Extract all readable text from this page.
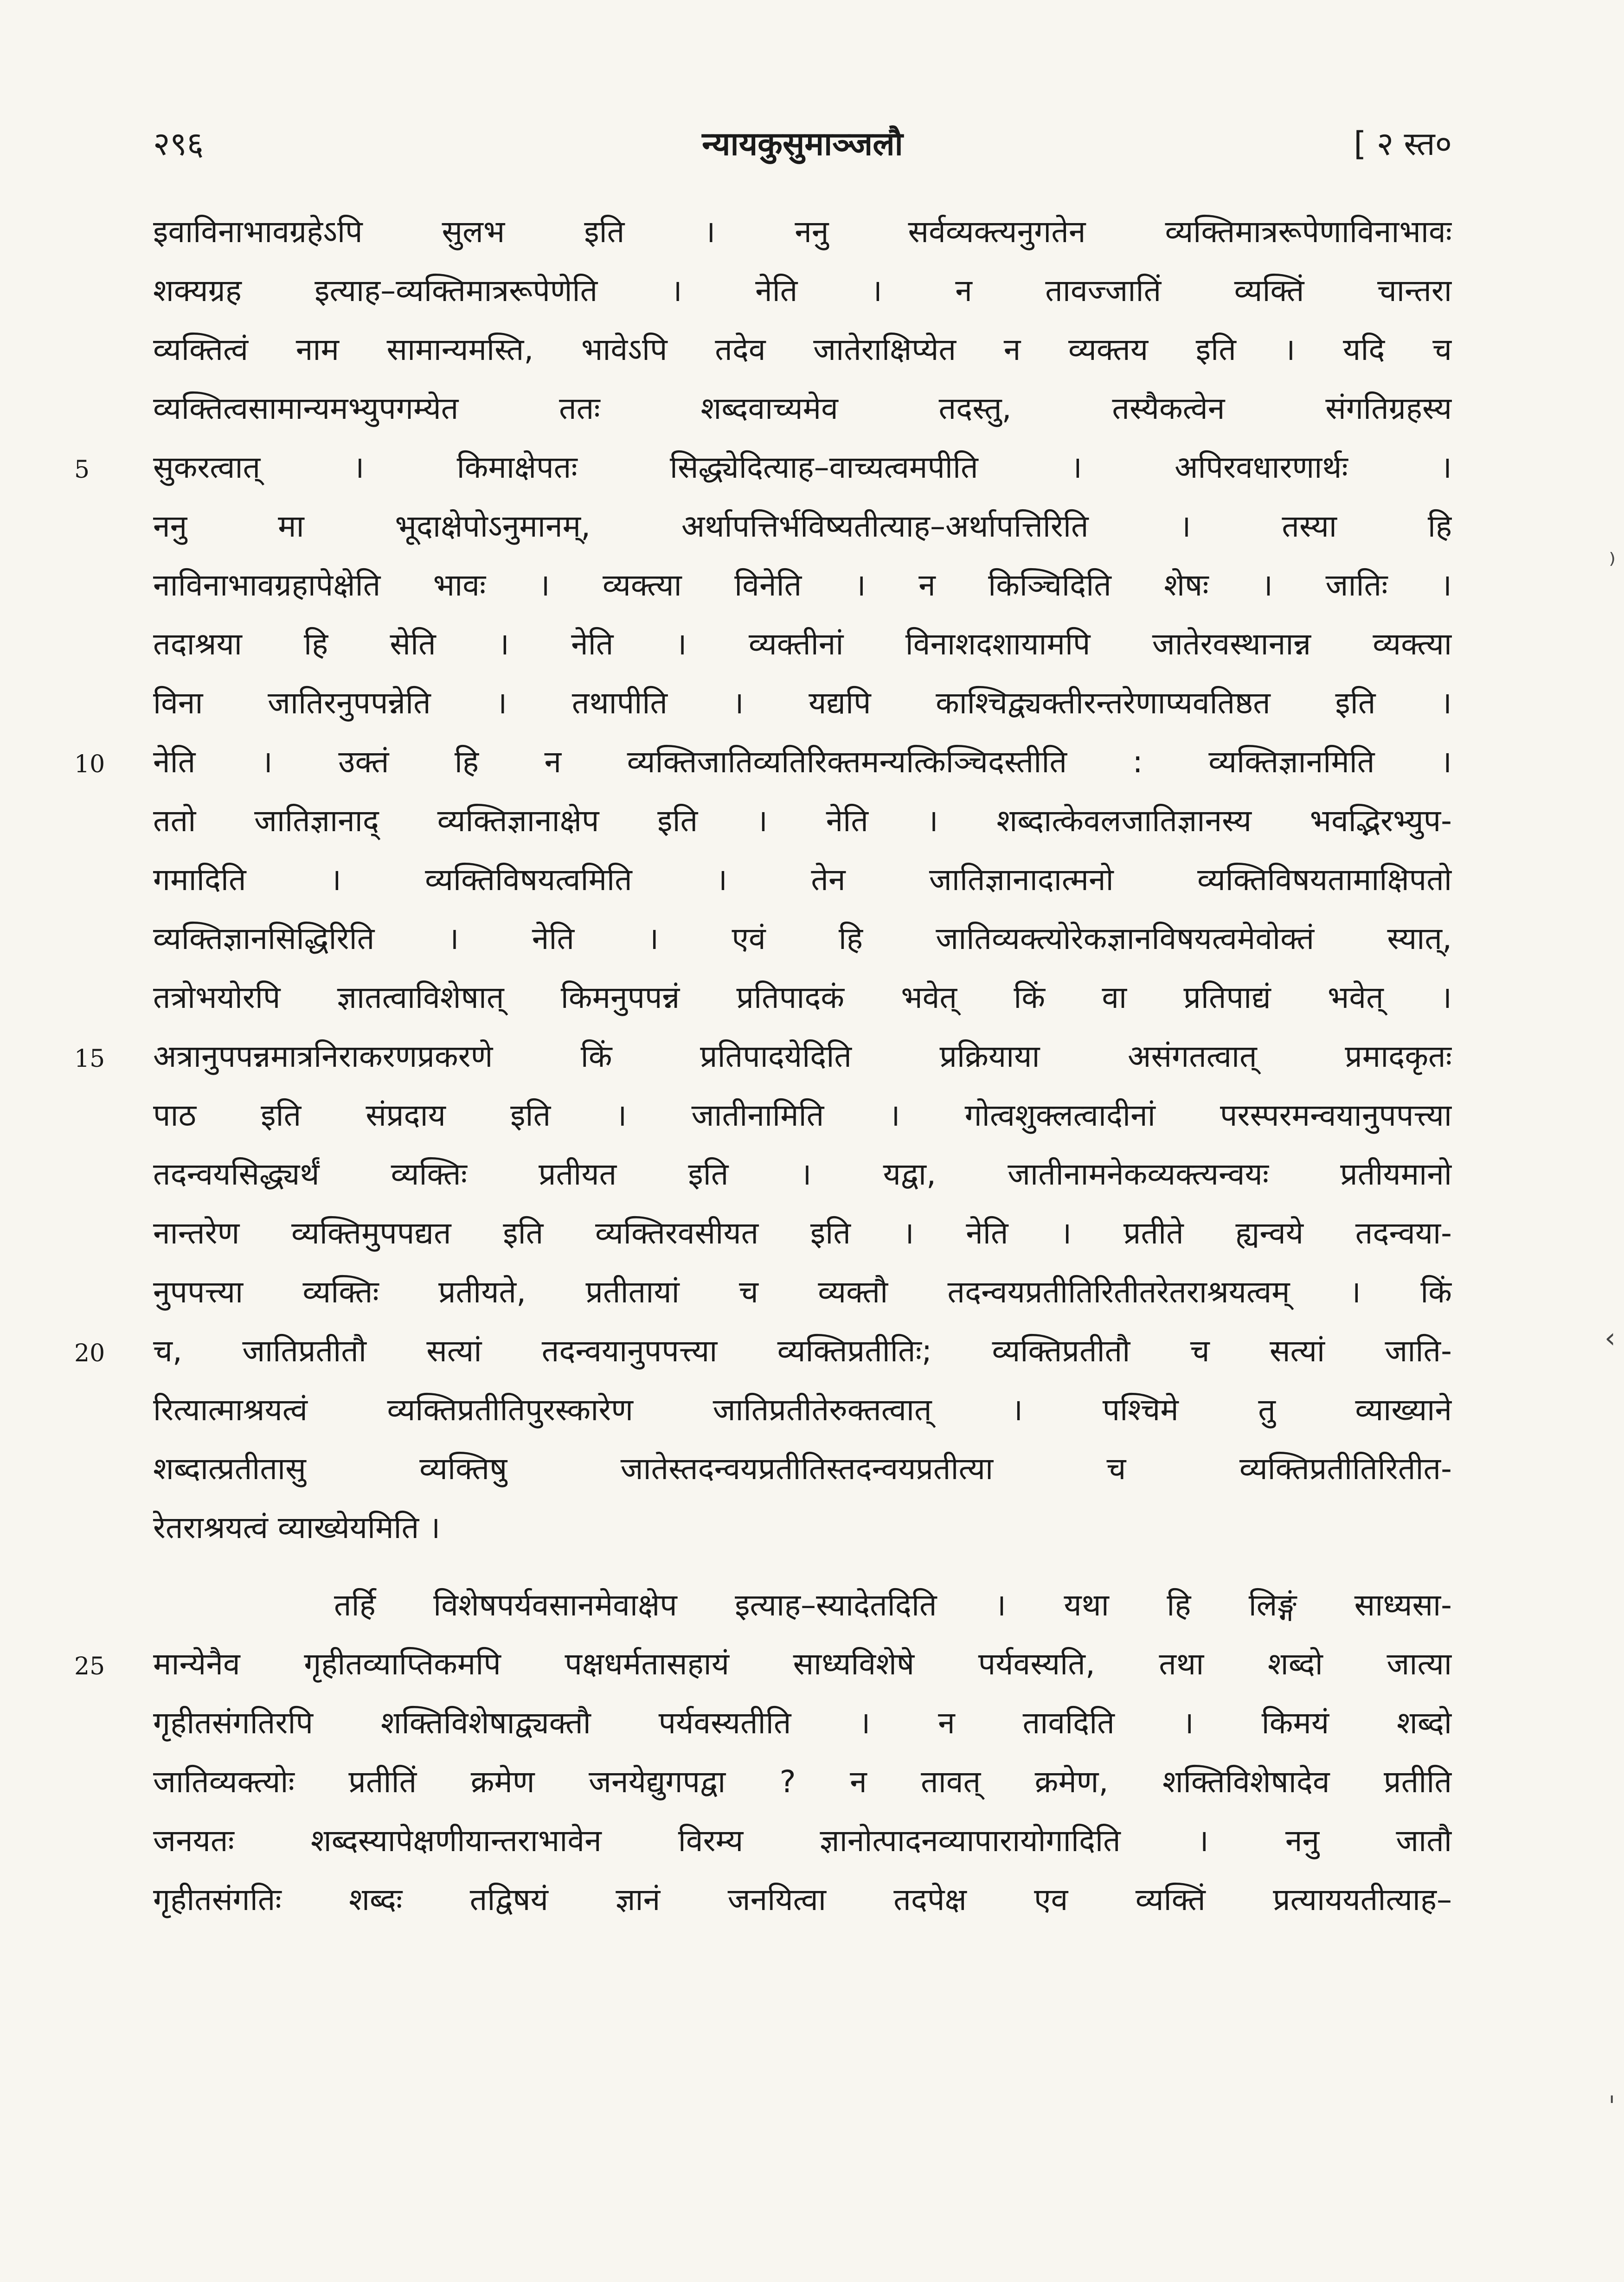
२९६	न्यायकुसुमाञ्जलौ	[ २ स्त०
इवाविनाभावग्रहेऽपि सुलभ इति । ननु सर्वव्यक्त्यनुगतेन व्यक्तिमात्ररूपेणाविनाभावः
शक्यग्रह इत्याह–व्यक्तिमात्ररूपेणेति । नेति । न तावज्जातिं व्यक्तिं चान्तरा
व्यक्तित्वं नाम सामान्यमस्ति, भावेऽपि तदेव जातेराक्षिप्येत न व्यक्तय इति । यदि च
व्यक्तित्वसामान्यमभ्युपगम्येत ततः शब्दवाच्यमेव तदस्तु, तस्यैकत्वेन संगतिग्रहस्य
सुकरत्वात् । किमाक्षेपतः सिद्ध्येदित्याह–वाच्यत्वमपीति । अपिरवधारणार्थः ।
5
ननु मा भूदाक्षेपोऽनुमानम्, अर्थापत्तिर्भविष्यतीत्याह–अर्थापत्तिरिति । तस्या हि
नाविनाभावग्रहापेक्षेति भावः । व्यक्त्या विनेति । न किञ्चिदिति शेषः । जातिः ।
तदाश्रया हि सेति । नेति । व्यक्तीनां विनाशदशायामपि जातेरवस्थानान्न व्यक्त्या
विना जातिरनुपपन्नेति । तथापीति । यद्यपि काश्चिद्व्यक्तीरन्तरेणाप्यवतिष्ठत इति ।
नेति । उक्तं हि न व्यक्तिजातिव्यतिरिक्तमन्यत्किञ्चिदस्तीति : व्यक्तिज्ञानमिति ।
10
ततो जातिज्ञानाद् व्यक्तिज्ञानाक्षेप इति । नेति । शब्दात्केवलजातिज्ञानस्य भवद्भिरभ्युप-
गमादिति । व्यक्तिविषयत्वमिति । तेन जातिज्ञानादात्मनो व्यक्तिविषयतामाक्षिपतो
व्यक्तिज्ञानसिद्धिरिति । नेति । एवं हि जातिव्यक्त्योरेकज्ञानविषयत्वमेवोक्तं स्यात्,
तत्रोभयोरपि ज्ञातत्वाविशेषात् किमनुपपन्नं प्रतिपादकं भवेत् किं वा प्रतिपाद्यं भवेत् ।
अत्रानुपपन्नमात्रनिराकरणप्रकरणे किं प्रतिपादयेदिति प्रक्रियाया असंगतत्वात् प्रमादकृतः
15
पाठ इति संप्रदाय इति । जातीनामिति । गोत्वशुक्लत्वादीनां परस्परमन्वयानुपपत्त्या
तदन्वयसिद्ध्यर्थं व्यक्तिः प्रतीयत इति । यद्वा, जातीनामनेकव्यक्त्यन्वयः प्रतीयमानो
नान्तरेण व्यक्तिमुपपद्यत इति व्यक्तिरवसीयत इति । नेति । प्रतीते ह्यन्वये तदन्वया-
नुपपत्त्या व्यक्तिः प्रतीयते, प्रतीतायां च व्यक्तौ तदन्वयप्रतीतिरितीतरेतराश्रयत्वम् । किं
च, जातिप्रतीतौ सत्यां तदन्वयानुपपत्त्या व्यक्तिप्रतीतिः; व्यक्तिप्रतीतौ च सत्यां जाति-
20
रित्यात्माश्रयत्वं व्यक्तिप्रतीतिपुरस्कारेण जातिप्रतीतेरुक्तत्वात् । पश्चिमे तु व्याख्याने
शब्दात्प्रतीतासु व्यक्तिषु जातेस्तदन्वयप्रतीतिस्तदन्वयप्रतीत्या च व्यक्तिप्रतीतिरितीत-
रेतराश्रयत्वं व्याख्येयमिति ।
तर्हि विशेषपर्यवसानमेवाक्षेप इत्याह–स्यादेतदिति । यथा हि लिङ्गं साध्यसा-
मान्येनैव गृहीतव्याप्तिकमपि पक्षधर्मतासहायं साध्यविशेषे पर्यवस्यति, तथा शब्दो जात्या
25
गृहीतसंगतिरपि शक्तिविशेषाद्व्यक्तौ पर्यवस्यतीति । न तावदिति । किमयं शब्दो
जातिव्यक्त्योः प्रतीतिं क्रमेण जनयेद्युगपद्वा ? न तावत् क्रमेण, शक्तिविशेषादेव प्रतीति
जनयतः शब्दस्यापेक्षणीयान्तराभावेन विरम्य ज्ञानोत्पादनव्यापारायोगादिति । ननु जातौ
गृहीतसंगतिः शब्दः तद्विषयं ज्ञानं जनयित्वा तदपेक्ष एव व्यक्तिं प्रत्याययतीत्याह–
⁾
‹
ˌ
